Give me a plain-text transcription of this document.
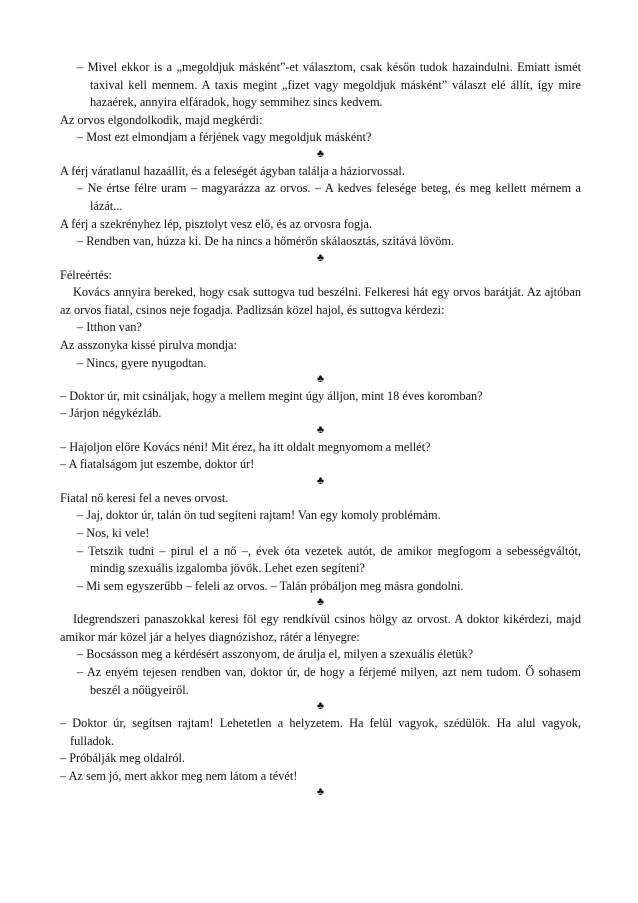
– Mivel ekkor is a „megoldjuk másként”-et választom, csak későn tudok hazaindulni. Emiatt ismét taxival kell mennem. A taxis megint „fizet vagy megoldjuk másként” választ elé állít, így mire hazaérek, annyira elfáradok, hogy semmihez sincs kedvem.

Az orvos elgondolkodik, majd megkérdi:

– Most ezt elmondjam a férjének vagy megoldjuk másként?

♣

A férj váratlanul hazaállít, és a feleségét ágyban találja a háziorvossal.

– Ne értse félre uram – magyarázza az orvos. – A kedves felesége beteg, és meg kellett mérnem a lázát...

A férj a szekrényhez lép, pisztolyt vesz elő, és az orvosra fogja.

– Rendben van, húzza ki. De ha nincs a hőmérőn skálaosztás, szitává lövöm.

♣

Félreértés:

Kovács annyira bereked, hogy csak suttogva tud beszélni. Felkeresi hát egy orvos barátját. Az ajtóban az orvos fiatal, csinos neje fogadja. Padlizsán közel hajol, és suttogva kérdezi:

– Itthon van?

Az asszonyka kissé pirulva mondja:

– Nincs, gyere nyugodtan.

♣

– Doktor úr, mit csináljak, hogy a mellem megint úgy álljon, mint 18 éves koromban?

– Járjon négykézláb.

♣

– Hajoljon előre Kovács néni! Mit érez, ha itt oldalt megnyomom a mellét?

– A fiatalságom jut eszembe, doktor úr!

♣

Fiatal nő keresi fel a neves orvost.

– Jaj, doktor úr, talán ön tud segíteni rajtam! Van egy komoly problémám.

– Nos, ki vele!

– Tetszik tudni – pirul el a nő –, évek óta vezetek autót, de amikor megfogom a sebességváltót, mindig szexuális izgalomba jövök. Lehet ezen segíteni?

– Mi sem egyszerűbb – feleli az orvos. – Talán próbáljon meg másra gondolni.

♣

Idegrendszeri panaszokkal keresi föl egy rendkívül csinos hölgy az orvost. A doktor kikérdezi, majd amikor már közel jár a helyes diagnózishoz, rátér a lényegre:

– Bocsásson meg a kérdésért asszonyom, de árulja el, milyen a szexuális életük?

– Az enyém tejesen rendben van, doktor úr, de hogy a férjemé milyen, azt nem tudom. Ő sohasem beszél a nőügyeiről.

♣

– Doktor úr, segítsen rajtam! Lehetetlen a helyzetem. Ha felül vagyok, szédülök. Ha alul vagyok, fulladok.

– Próbálják meg oldalról.

– Az sem jó, mert akkor meg nem látom a tévét!

♣
